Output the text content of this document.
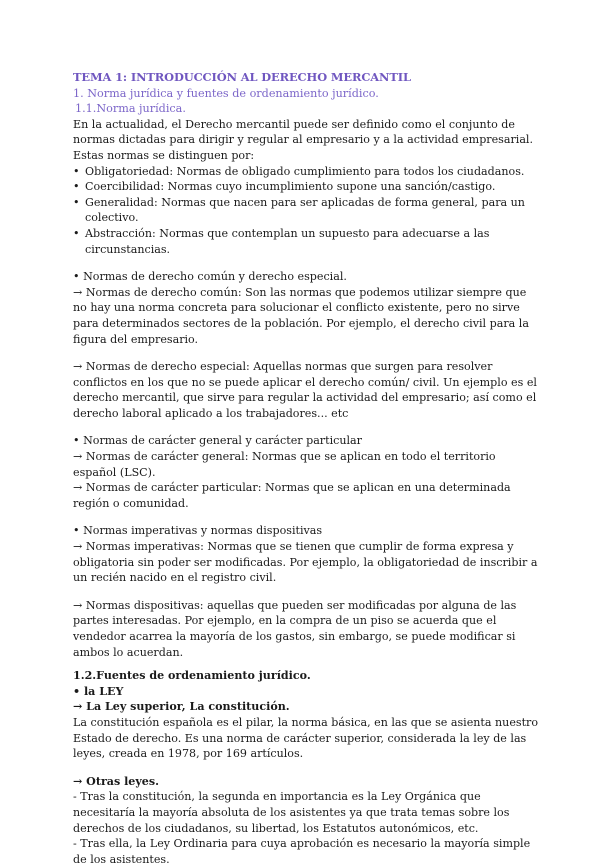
TEMA 1: INTRODUCCIÓN AL DERECHO MERCANTIL

1. Norma jurídica y fuentes de ordenamiento jurídico.

1.1.Norma jurídica.

En la actualidad, el Derecho mercantil puede ser definido como el conjunto de normas dictadas para dirigir y regular al empresario y a la actividad empresarial. Estas normas se distinguen por:

• Obligatoriedad: Normas de obligado cumplimiento para todos los ciudadanos.
• Coercibilidad: Normas cuyo incumplimiento supone una sanción/castigo.
• Generalidad: Normas que nacen para ser aplicadas de forma general, para un colectivo.
• Abstracción: Normas que contemplan un supuesto para adecuarse a las circunstancias.

• Normas de derecho común y derecho especial.

→ Normas de derecho común: Son las normas que podemos utilizar siempre que no hay una norma concreta para solucionar el conflicto existente, pero no sirve para determinados sectores de la población. Por ejemplo, el derecho civil para la figura del empresario.

→ Normas de derecho especial: Aquellas normas que surgen para resolver conflictos en los que no se puede aplicar el derecho común/ civil. Un ejemplo es el derecho mercantil, que sirve para regular la actividad del empresario; así como el derecho laboral aplicado a los trabajadores... etc

• Normas de carácter general y carácter particular

→ Normas de carácter general: Normas que se aplican en todo el territorio español (LSC).

→ Normas de carácter particular: Normas que se aplican en una determinada región o comunidad.

• Normas imperativas y normas dispositivas

→ Normas imperativas: Normas que se tienen que cumplir de forma expresa y obligatoria sin poder ser modificadas. Por ejemplo, la obligatoriedad de inscribir a un recién nacido en el registro civil.

→ Normas dispositivas: aquellas que pueden ser modificadas por alguna de las partes interesadas. Por ejemplo, en la compra de un piso se acuerda que el vendedor acarrea la mayoría de los gastos, sin embargo, se puede modificar si ambos lo acuerdan.

1.2.Fuentes de ordenamiento jurídico.

• la LEY

→ La Ley superior, La constitución.

La constitución española es el pilar, la norma básica, en las que se asienta nuestro Estado de derecho. Es una norma de carácter superior, considerada la ley de las leyes, creada en 1978, por 169 artículos.

→ Otras leyes.

- Tras la constitución, la segunda en importancia es la Ley Orgánica que necesitaría la mayoría absoluta de los asistentes ya que trata temas sobre los derechos de los ciudadanos, su libertad, los Estatutos autonómicos, etc.

- Tras ella, la Ley Ordinaria para cuya aprobación es necesario la mayoría simple de los asistentes.
